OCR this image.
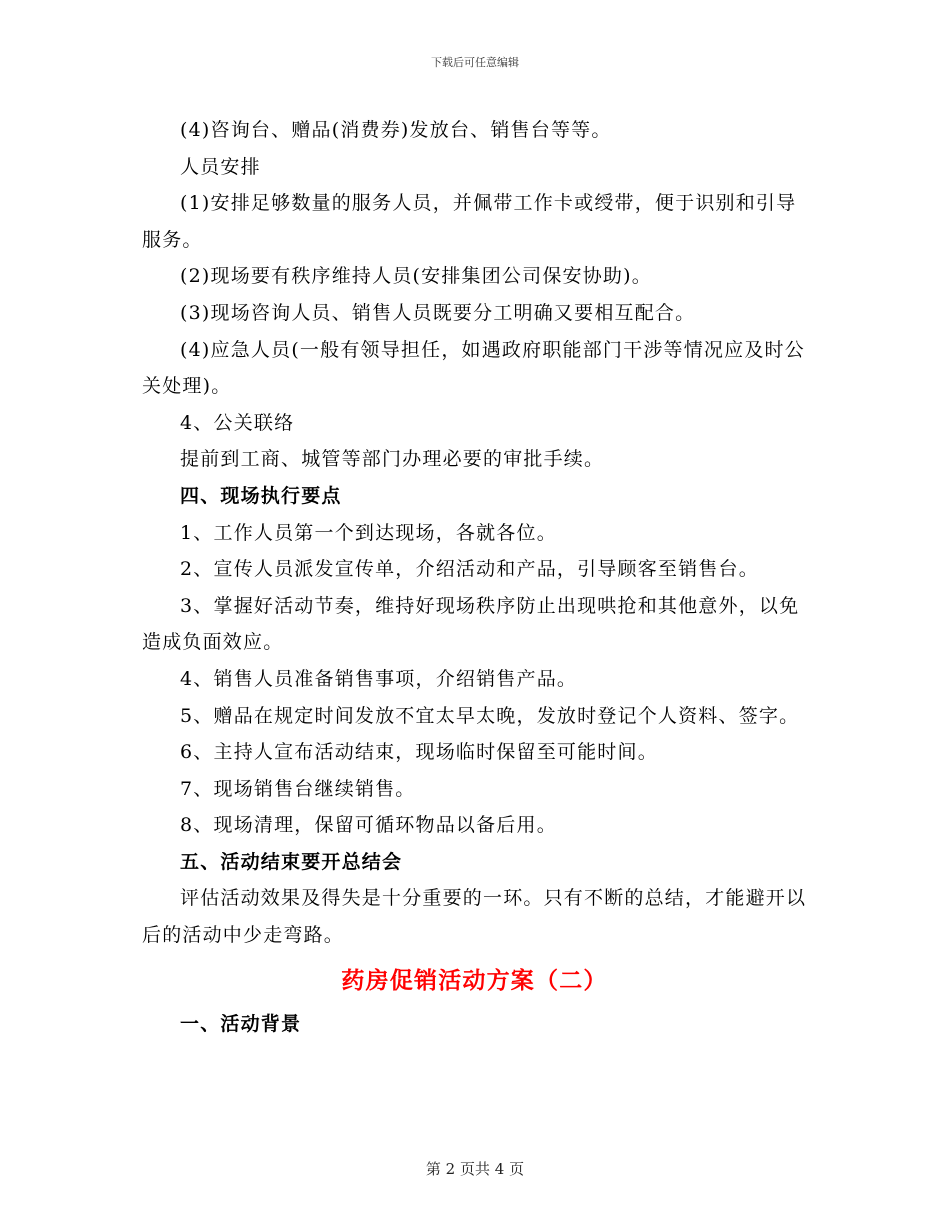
下载后可任意编辑

(4)咨询台、赠品(消费券)发放台、销售台等等。

人员安排

(1)安排足够数量的服务人员，并佩带工作卡或绶带，便于识别和引导服务。

(2)现场要有秩序维持人员(安排集团公司保安协助)。

(3)现场咨询人员、销售人员既要分工明确又要相互配合。

(4)应急人员(一般有领导担任，如遇政府职能部门干涉等情况应及时公关处理)。

4、公关联络

提前到工商、城管等部门办理必要的审批手续。

四、现场执行要点

1、工作人员第一个到达现场，各就各位。

2、宣传人员派发宣传单，介绍活动和产品，引导顾客至销售台。

3、掌握好活动节奏，维持好现场秩序防止出现哄抢和其他意外，以免造成负面效应。

4、销售人员准备销售事项，介绍销售产品。

5、赠品在规定时间发放不宜太早太晚，发放时登记个人资料、签字。

6、主持人宣布活动结束，现场临时保留至可能时间。

7、现场销售台继续销售。

8、现场清理，保留可循环物品以备后用。

五、活动结束要开总结会

评估活动效果及得失是十分重要的一环。只有不断的总结，才能避开以后的活动中少走弯路。

药房促销活动方案（二）

一、活动背景

第 2 页共 4 页
